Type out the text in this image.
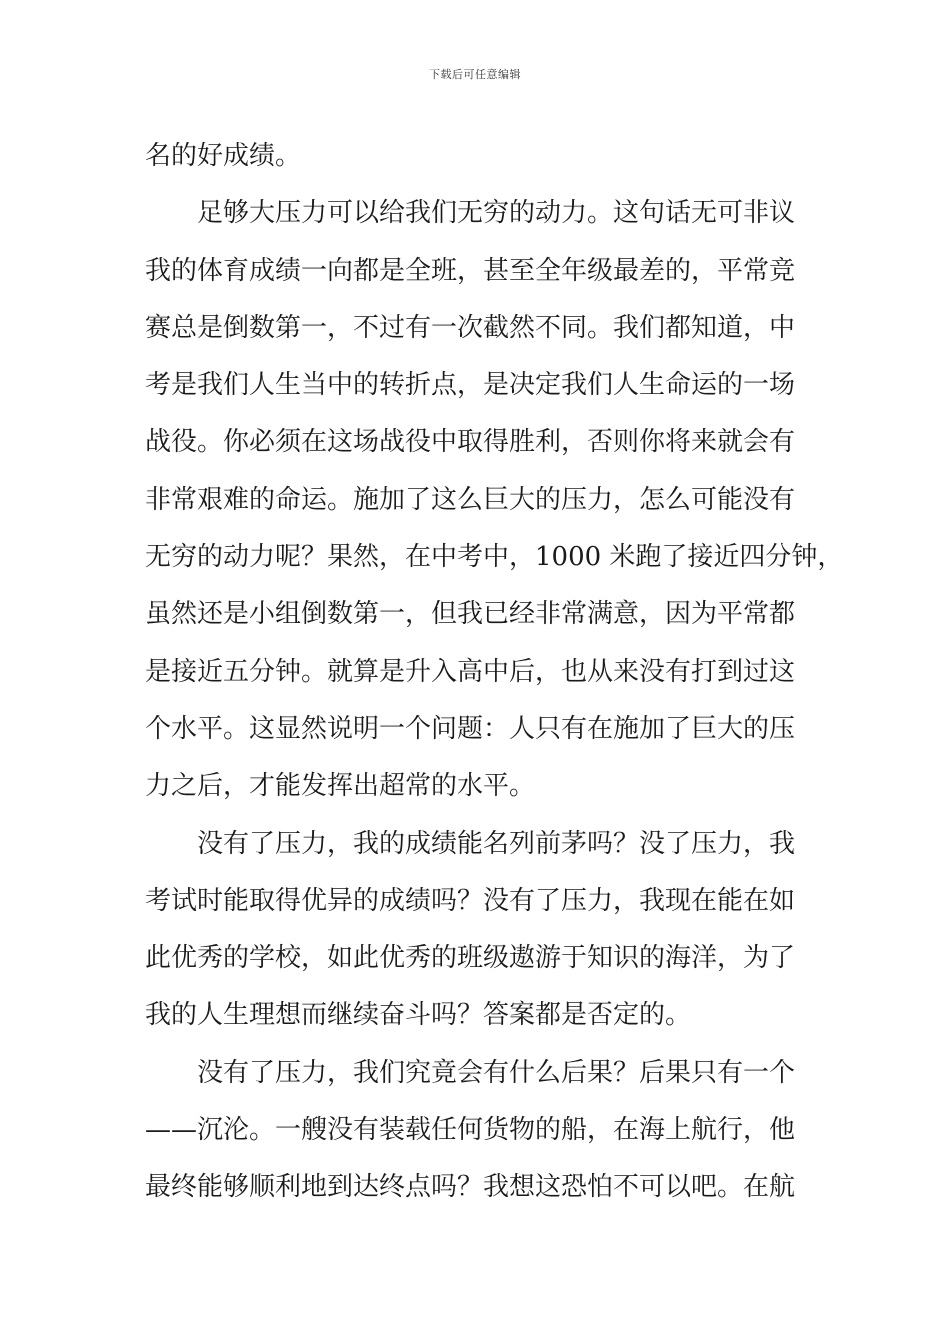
下载后可任意编辑
名的好成绩。
足够大压力可以给我们无穷的动力。这句话无可非议
我的体育成绩一向都是全班，甚至全年级最差的，平常竞
赛总是倒数第一，不过有一次截然不同。我们都知道，中
考是我们人生当中的转折点，是决定我们人生命运的一场
战役。你必须在这场战役中取得胜利，否则你将来就会有
非常艰难的命运。施加了这么巨大的压力，怎么可能没有
无穷的动力呢？果然，在中考中，1000 米跑了接近四分钟，
虽然还是小组倒数第一，但我已经非常满意，因为平常都
是接近五分钟。就算是升入高中后，也从来没有打到过这
个水平。这显然说明一个问题：人只有在施加了巨大的压
力之后，才能发挥出超常的水平。
没有了压力，我的成绩能名列前茅吗？没了压力，我
考试时能取得优异的成绩吗？没有了压力，我现在能在如
此优秀的学校，如此优秀的班级遨游于知识的海洋，为了
我的人生理想而继续奋斗吗？答案都是否定的。
没有了压力，我们究竟会有什么后果？后果只有一个
——沉沦。一艘没有装载任何货物的船，在海上航行，他
最终能够顺利地到达终点吗？我想这恐怕不可以吧。在航
